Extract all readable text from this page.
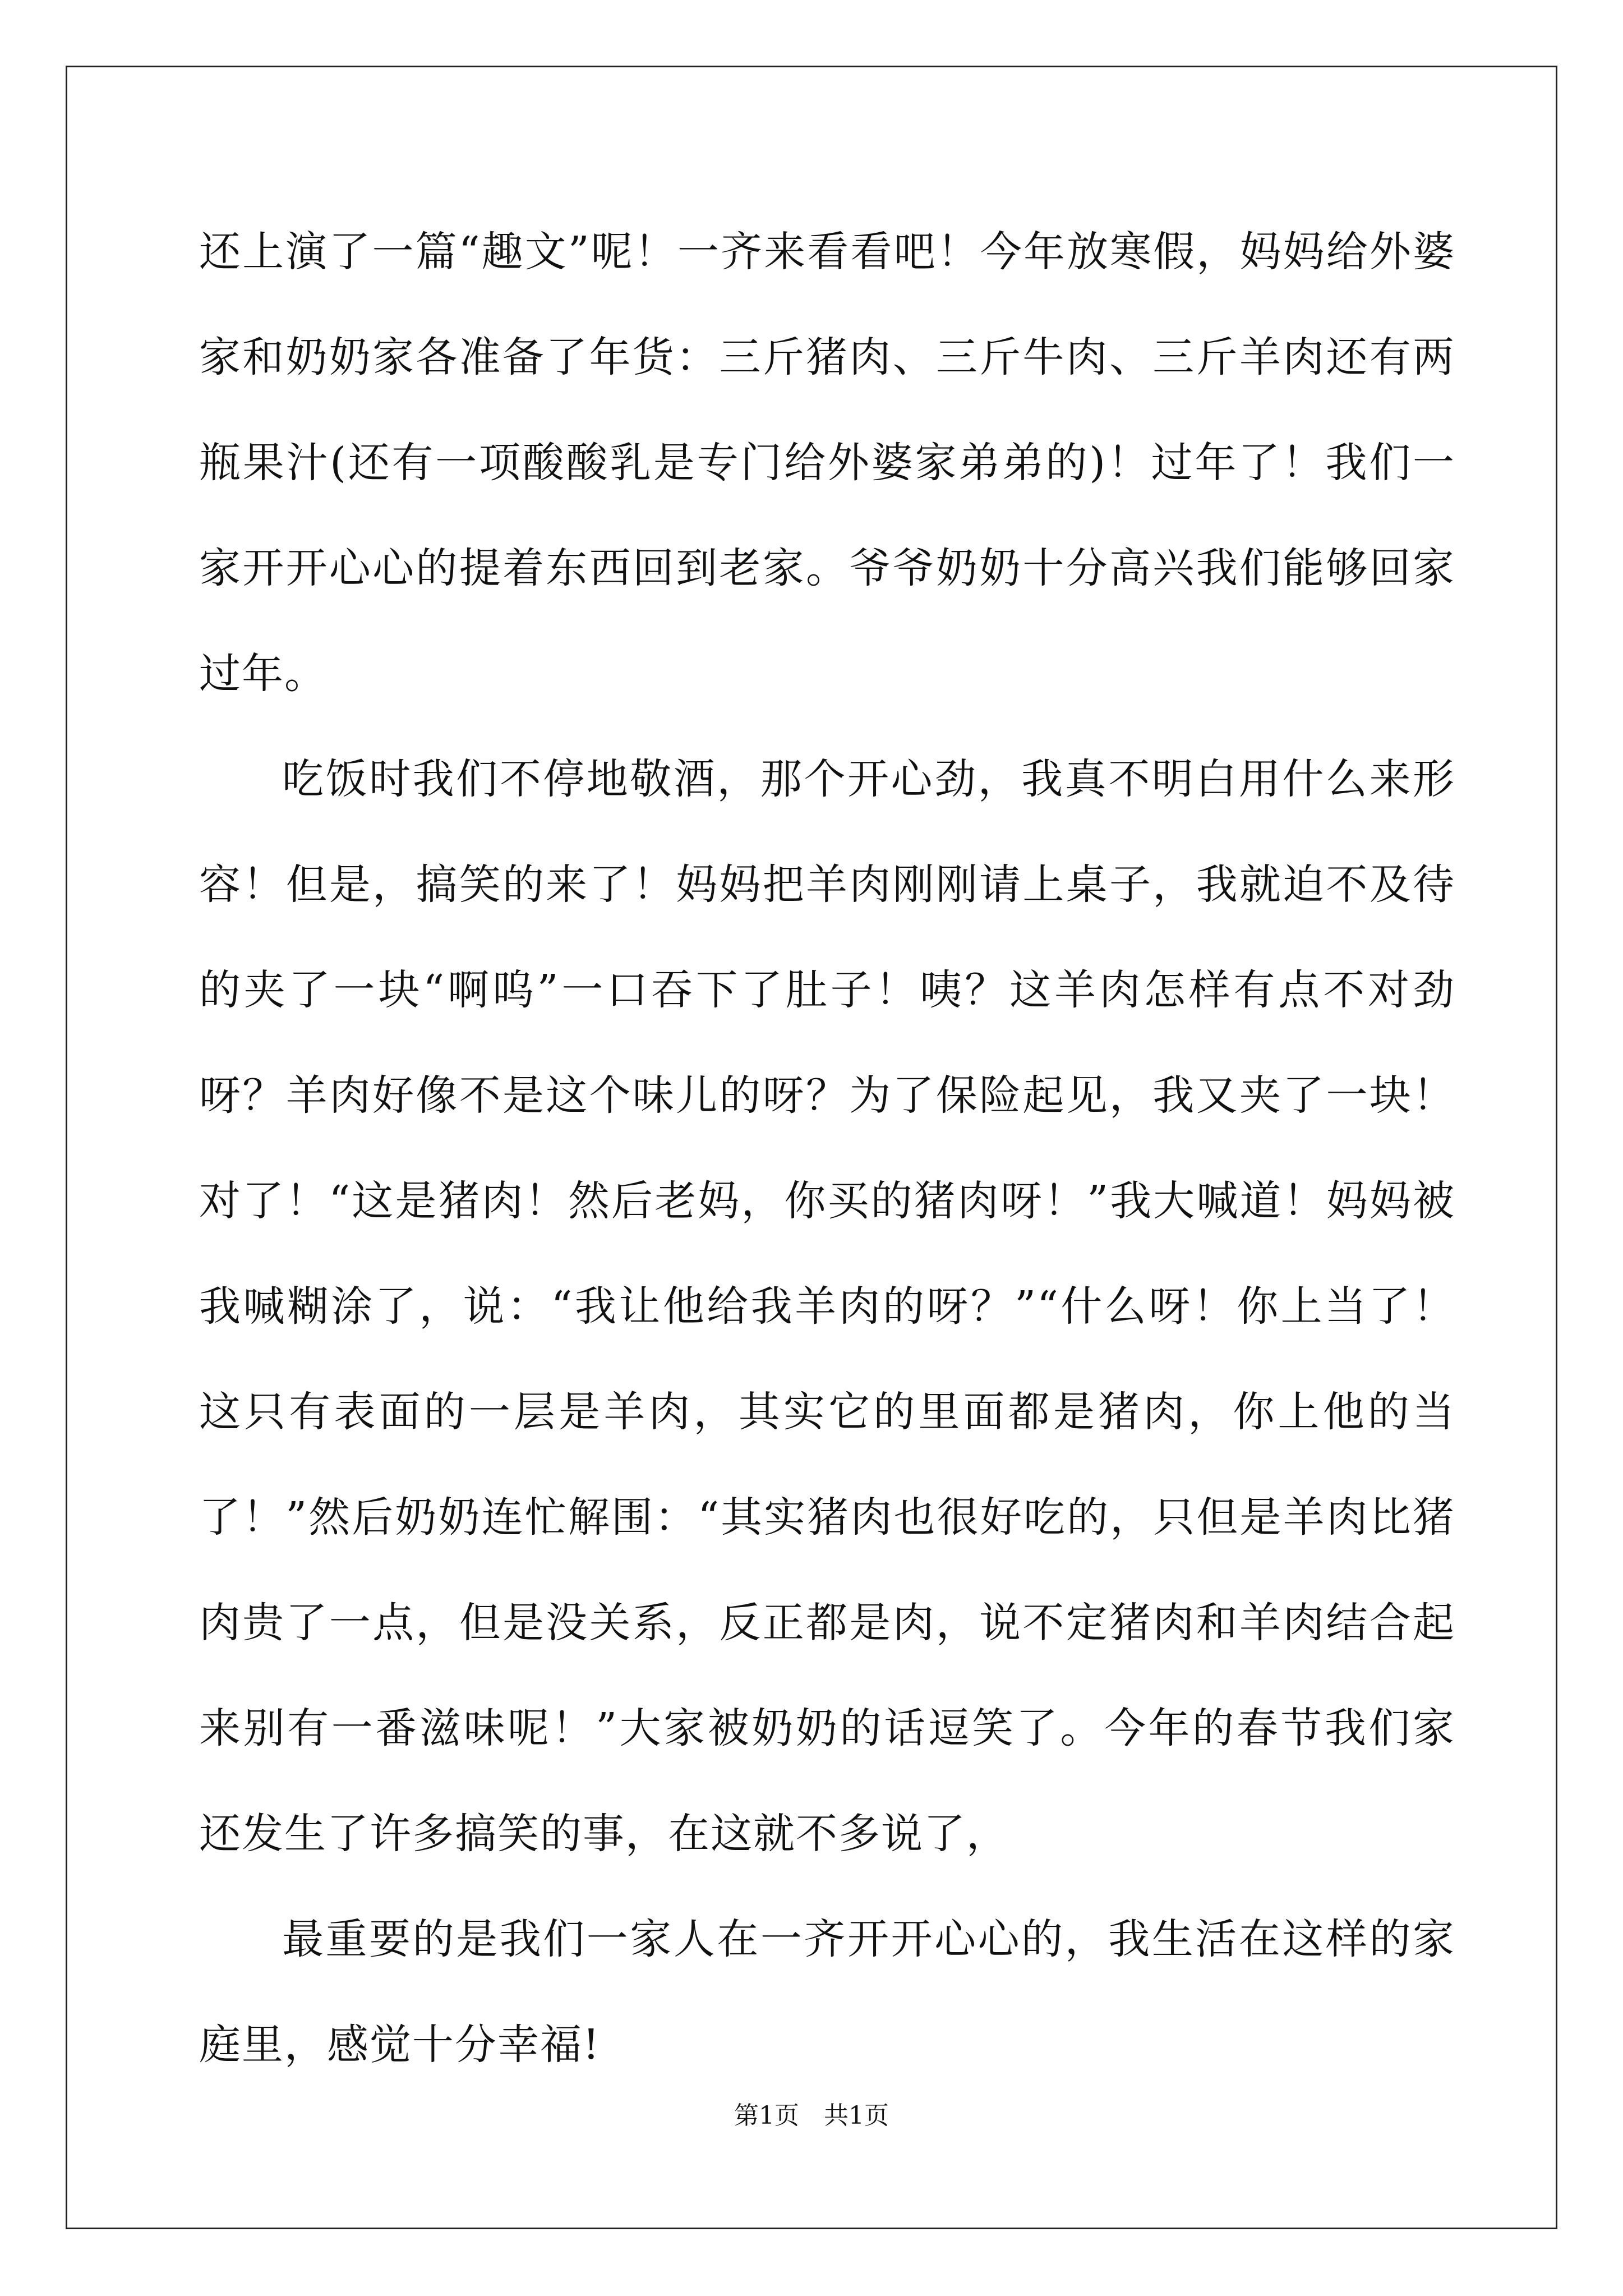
还上演了一篇“趣文”呢！一齐来看看吧！今年放寒假，妈妈给外婆家和奶奶家各准备了年货：三斤猪肉、三斤牛肉、三斤羊肉还有两瓶果汁(还有一项酸酸乳是专门给外婆家弟弟的)！过年了！我们一家开开心心的提着东西回到老家。爷爷奶奶十分高兴我们能够回家过年。

吃饭时我们不停地敬酒，那个开心劲，我真不明白用什么来形容！但是，搞笑的来了！妈妈把羊肉刚刚请上桌子，我就迫不及待的夹了一块“啊呜”一口吞下了肚子！咦？这羊肉怎样有点不对劲呀？羊肉好像不是这个味儿的呀？为了保险起见，我又夹了一块！对了！“这是猪肉！然后老妈，你买的猪肉呀！”我大喊道！妈妈被我喊糊涂了，说：“我让他给我羊肉的呀？”“什么呀！你上当了！这只有表面的一层是羊肉，其实它的里面都是猪肉，你上他的当了！”然后奶奶连忙解围：“其实猪肉也很好吃的，只但是羊肉比猪肉贵了一点，但是没关系，反正都是肉，说不定猪肉和羊肉结合起来别有一番滋味呢！”大家被奶奶的话逗笑了。今年的春节我们家还发生了许多搞笑的事，在这就不多说了，

最重要的是我们一家人在一齐开开心心的，我生活在这样的家庭里，感觉十分幸福!

第1页　共1页
